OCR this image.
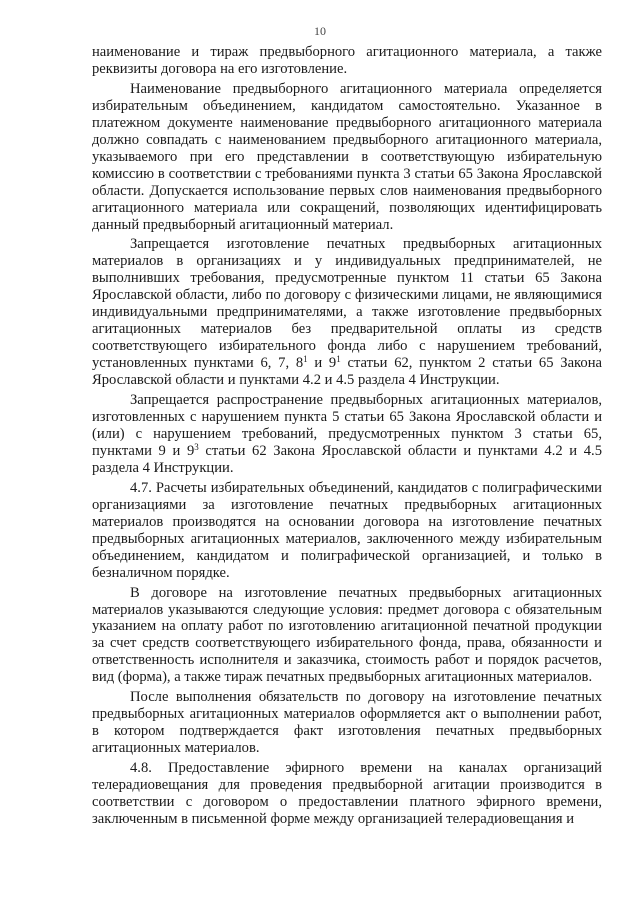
10

наименование и тираж предвыборного агитационного материала, а также реквизиты договора на его изготовление.

Наименование предвыборного агитационного материала определяется избирательным объединением, кандидатом самостоятельно. Указанное в платежном документе наименование предвыборного агитационного материала должно совпадать с наименованием предвыборного агитационного материала, указываемого при его представлении в соответствующую избирательную комиссию в соответствии с требованиями пункта 3 статьи 65 Закона Ярославской области. Допускается использование первых слов наименования предвыборного агитационного материала или сокращений, позволяющих идентифицировать данный предвыборный агитационный материал.

Запрещается изготовление печатных предвыборных агитационных материалов в организациях и у индивидуальных предпринимателей, не выполнивших требования, предусмотренные пунктом 11 статьи 65 Закона Ярославской области, либо по договору с физическими лицами, не являющимися индивидуальными предпринимателями, а также изготовление предвыборных агитационных материалов без предварительной оплаты из средств соответствующего избирательного фонда либо с нарушением требований, установленных пунктами 6, 7, $8^1$ и $9^1$ статьи 62, пунктом 2 статьи 65 Закона Ярославской области и пунктами 4.2 и 4.5 раздела 4 Инструкции.

Запрещается распространение предвыборных агитационных материалов, изготовленных с нарушением пункта 5 статьи 65 Закона Ярославской области и (или) с нарушением требований, предусмотренных пунктом 3 статьи 65, пунктами 9 и $9^3$ статьи 62 Закона Ярославской области и пунктами 4.2 и 4.5 раздела 4 Инструкции.

4.7. Расчеты избирательных объединений, кандидатов с полиграфическими организациями за изготовление печатных предвыборных агитационных материалов производятся на основании договора на изготовление печатных предвыборных агитационных материалов, заключенного между избирательным объединением, кандидатом и полиграфической организацией, и только в безналичном порядке.

В договоре на изготовление печатных предвыборных агитационных материалов указываются следующие условия: предмет договора с обязательным указанием на оплату работ по изготовлению агитационной печатной продукции за счет средств соответствующего избирательного фонда, права, обязанности и ответственность исполнителя и заказчика, стоимость работ и порядок расчетов, вид (форма), а также тираж печатных предвыборных агитационных материалов.

После выполнения обязательств по договору на изготовление печатных предвыборных агитационных материалов оформляется акт о выполнении работ, в котором подтверждается факт изготовления печатных предвыборных агитационных материалов.

4.8. Предоставление эфирного времени на каналах организаций телерадиовещания для проведения предвыборной агитации производится в соответствии с договором о предоставлении платного эфирного времени, заключенным в письменной форме между организацией телерадиовещания и
